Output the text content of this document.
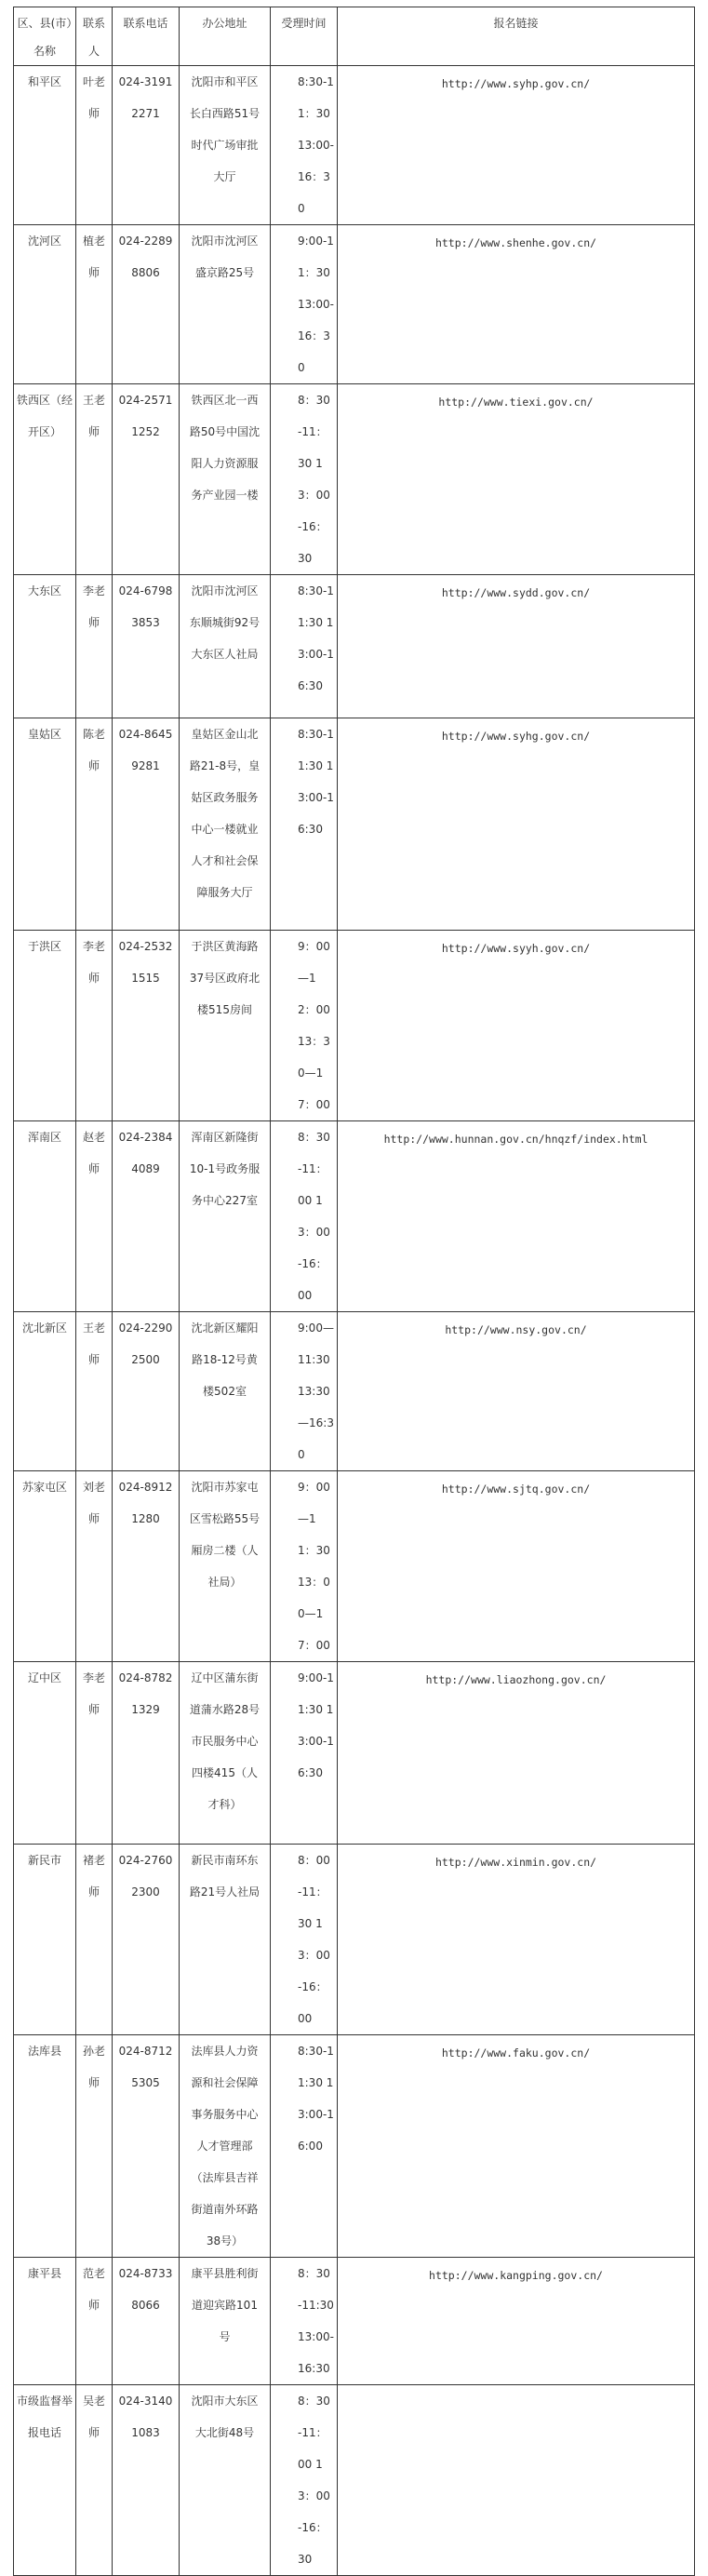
区、县(市）名称	联系人	联系电话	办公地址	受理时间	报名链接
和平区	叶老师	024-31912271	沈阳市和平区长白西路51号时代广场审批大厅	8:30-11：30 13:00-16：30	http://www.syhp.gov.cn/
沈河区	植老师	024-22898806	沈阳市沈河区盛京路25号	9:00-11：30 13:00-16：30	http://www.shenhe.gov.cn/
铁西区（经开区）	王老师	024-25711252	铁西区北一西路50号中国沈阳人力资源服务产业园一楼	8：30-11：30 13：00-16：30	http://www.tiexi.gov.cn/
大东区	李老师	024-67983853	沈阳市沈河区东顺城街92号大东区人社局	8:30-11:30 13:00-16:30	http://www.sydd.gov.cn/
皇姑区	陈老师	024-86459281	皇姑区金山北路21-8号，皇姑区政务服务中心一楼就业人才和社会保障服务大厅	8:30-11:30 13:00-16:30	http://www.syhg.gov.cn/
于洪区	李老师	024-25321515	于洪区黄海路37号区政府北楼515房间	9：00—12：00 13：30—17：00	http://www.syyh.gov.cn/
浑南区	赵老师	024-23844089	浑南区新隆街10-1号政务服务中心227室	8：30-11：00 13：00-16：00	http://www.hunnan.gov.cn/hnqzf/index.html
沈北新区	王老师	024-22902500	沈北新区耀阳路18-12号黄楼502室	9:00—11:30 13:30—16:30	http://www.nsy.gov.cn/
苏家屯区	刘老师	024-89121280	沈阳市苏家屯区雪松路55号厢房二楼（人社局）	9：00—11：30 13：00—17：00	http://www.sjtq.gov.cn/
辽中区	李老师	024-87821329	辽中区蒲东街道蒲水路28号 市民服务中心四楼415（人才科）	9:00-11:30 13:00-16:30	http://www.liaozhong.gov.cn/
新民市	褚老师	024-27602300	新民市南环东路21号人社局	8：00-11：30 13：00-16：00	http://www.xinmin.gov.cn/
法库县	孙老师	024-87125305	法库县人力资源和社会保障事务服务中心人才管理部（法库县吉祥街道南外环路38号）	8:30-11:30 13:00-16:00	http://www.faku.gov.cn/
康平县	范老师	024-87338066	康平县胜利街道迎宾路101号	8：30-11:30 13:00-16:30	http://www.kangping.gov.cn/
市级监督举报电话	吴老师	024-31401083	沈阳市大东区大北街48号	8：30-11：00 13：00-16：30	
